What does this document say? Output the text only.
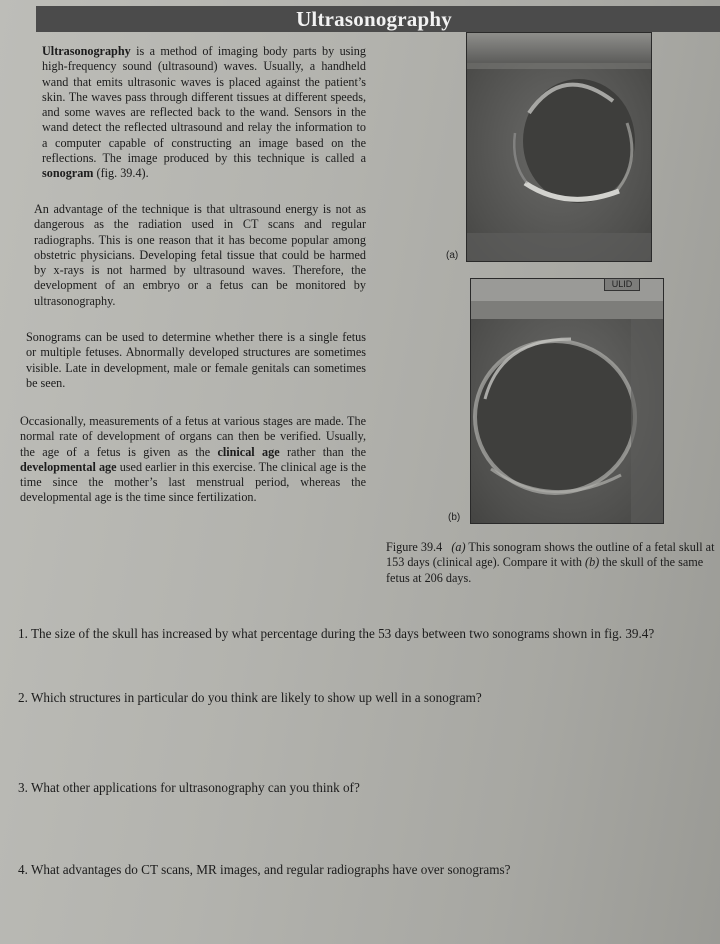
Ultrasonography

Ultrasonography is a method of imaging body parts by using high-frequency sound (ultrasound) waves. Usually, a handheld wand that emits ultrasonic waves is placed against the patient’s skin. The waves pass through different tissues at different speeds, and some waves are reflected back to the wand. Sensors in the wand detect the reflected ultrasound and relay the information to a computer capable of constructing an image based on the reflections. The image produced by this technique is called a sonogram (fig. 39.4).

An advantage of the technique is that ultrasound energy is not as dangerous as the radiation used in CT scans and regular radiographs. This is one reason that it has become popular among obstetric physicians. Developing fetal tissue that could be harmed by x-rays is not harmed by ultrasound waves. Therefore, the development of an embryo or a fetus can be monitored by ultrasonography.

Sonograms can be used to determine whether there is a single fetus or multiple fetuses. Abnormally developed structures are sometimes visible. Late in development, male or female genitals can sometimes be seen.

Occasionally, measurements of a fetus at various stages are made. The normal rate of development of organs can then be verified. Usually, the age of a fetus is given as the clinical age rather than the developmental age used earlier in this exercise. The clinical age is the time since the mother’s last menstrual period, whereas the developmental age is the time since fertilization.

(a)
ULID
(b)
Figure 39.4 (a) This sonogram shows the outline of a fetal skull at 153 days (clinical age). Compare it with (b) the skull of the same fetus at 206 days.
1. The size of the skull has increased by what percentage during the 53 days between two sonograms shown in fig. 39.4?
2. Which structures in particular do you think are likely to show up well in a sonogram?
3. What other applications for ultrasonography can you think of?
4. What advantages do CT scans, MR images, and regular radiographs have over sonograms?
